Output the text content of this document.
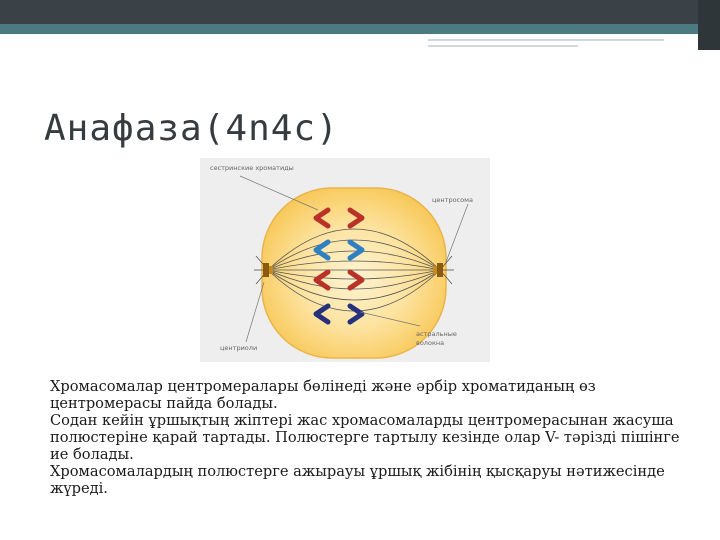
Анафаза(4n4c)
сестринские хроматиды
центросома
центриоли
астральные
волокна

Хромасомалар центромералары бөлінеді және әрбір хроматиданың өз центромерасы пайда болады.

Содан кейін ұршықтың жіптері жас хромасомаларды центромерасынан жасуша полюстеріне қарай тартады. Полюстерге тартылу кезінде олар V- тәрізді пішінге ие болады.

Хромасомалардың полюстерге ажырауы ұршық жібінің қысқаруы нәтижесінде жүреді.
